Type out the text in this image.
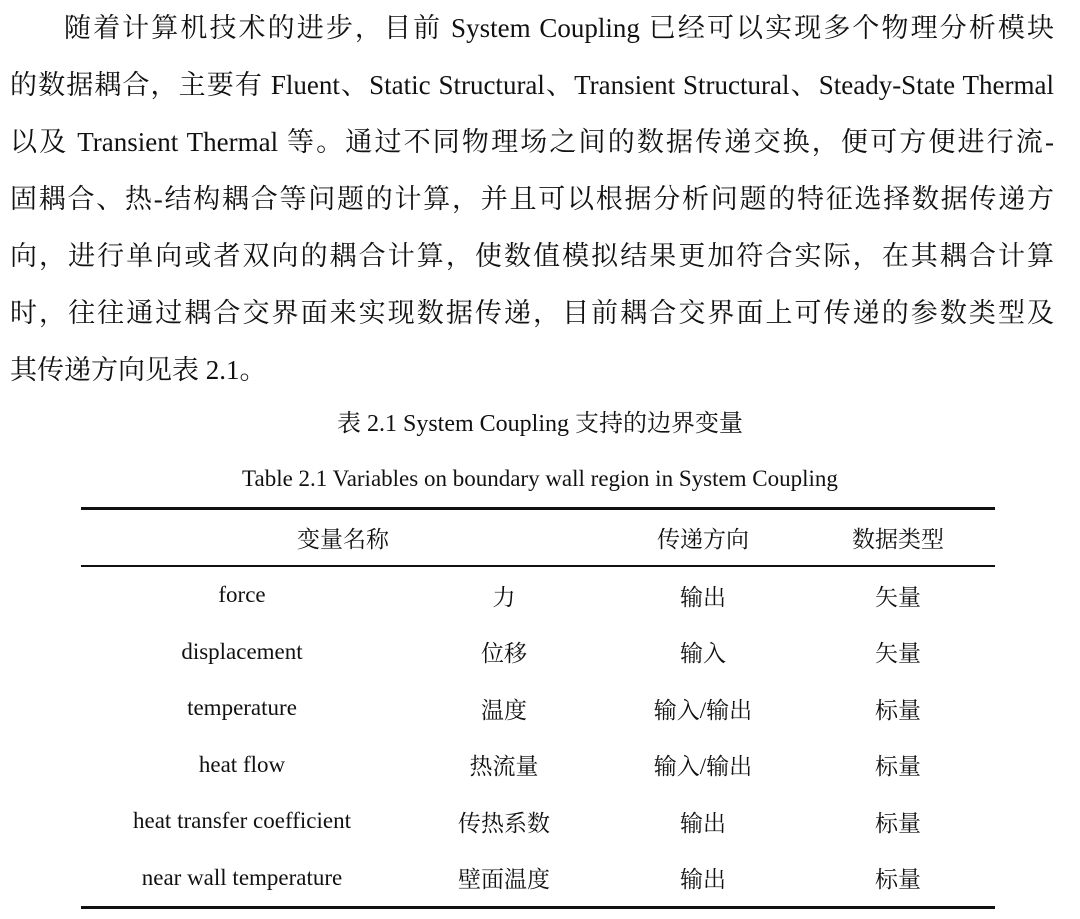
随着计算机技术的进步，目前 System Coupling 已经可以实现多个物理分析模块
的数据耦合，主要有 Fluent、Static Structural、Transient Structural、Steady-State Thermal
以及 Transient Thermal 等。通过不同物理场之间的数据传递交换，便可方便进行流-
固耦合、热-结构耦合等问题的计算，并且可以根据分析问题的特征选择数据传递方
向，进行单向或者双向的耦合计算，使数值模拟结果更加符合实际，在其耦合计算
时，往往通过耦合交界面来实现数据传递，目前耦合交界面上可传递的参数类型及
其传递方向见表 2.1。
表 2.1 System Coupling 支持的边界变量
Table 2.1 Variables on boundary wall region in System Coupling
变量名称		传递方向	数据类型
force	力	输出	矢量
displacement	位移	输入	矢量
temperature	温度	输入/输出	标量
heat flow	热流量	输入/输出	标量
heat transfer coefficient	传热系数	输出	标量
near wall temperature	壁面温度	输出	标量
